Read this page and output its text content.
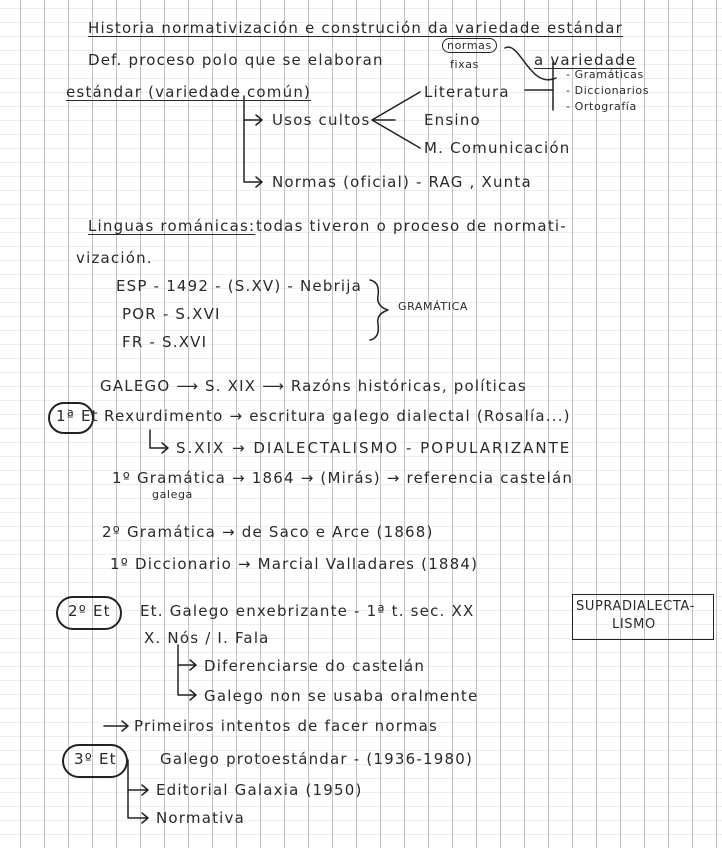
Historia normativización e construción da variedade estándar
Def. proceso polo que se elaboran
normas
fixas	a variedade
estándar (variedade común)
- Gramáticas
- Diccionarios
- Ortografía
Literatura
Ensino
M. Comunicación
Usos cultos
Normas (oficial) - RAG , Xunta
Linguas románicas: todas tiveron o proceso de normati-
vización.
ESP - 1492 - (S.XV) - Nebrija
POR - S.XVI
FR - S.XVI
GRAMÁTICA
GALEGO ⟶ S. XIX ⟶ Razóns históricas, políticas
1ª Et Rexurdimento → escritura galego dialectal (Rosalía...)
S.XIX → DIALECTALISMO - POPULARIZANTE
1º Gramática → 1864 → (Mirás) → referencia castelán
galega
2º Gramática → de Saco e Arce (1868)
1º Diccionario → Marcial Valladares (1884)
2º Et Et. Galego enxebrizante - 1ª t. sec. XX	SUPRADIALECTA-
LISMO
X. Nós / I. Fala
Diferenciarse do castelán
Galego non se usaba oralmente
Primeiros intentos de facer normas
3º Et	Galego protoestándar - (1936-1980)
Editorial Galaxia (1950)
Normativa
